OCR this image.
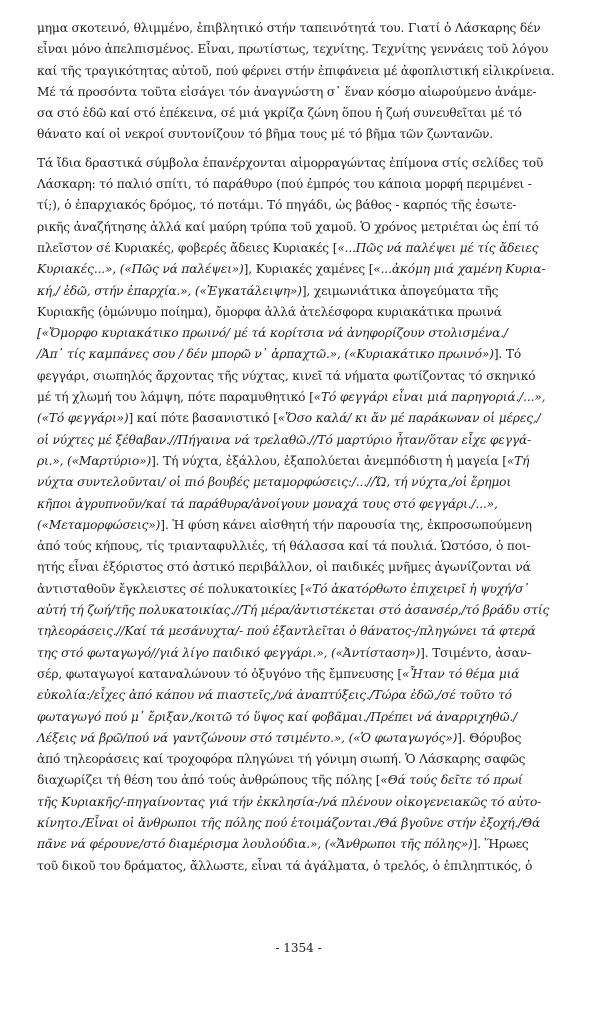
μημα σκοτεινό, θλιμμένο, ἐπιβλητικό στήν ταπεινότητά του. Γιατί ὁ Λάσκαρης δέν
εἶναι μόνο ἀπελπισμένος. Εἶναι, πρωτίστως, τεχνίτης. Τεχνίτης γεννάεις τοῦ λόγου
καί τῆς τραγικότητας αὐτοῦ, πού φέρνει στήν ἐπιφάνεια μέ ἀφοπλιστική εἰλικρίνεια.
Μέ τά προσόντα τοῦτα εἰσάγει τόν ἀναγνώστη σ᾽ ἕναν κόσμο αἰωρούμενο ἀνάμε-
σα στό ἐδῶ καί στό ἐπέκεινα, σέ μιά γκρίζα ζώνη ὅπου ἡ ζωή συνευθεῖται μέ τό
θάνατο καί οἱ νεκροί συντονίζουν τό βῆμα τους μέ τό βῆμα τῶν ζωντανῶν.
Τά ἴδια δραστικά σύμβολα ἐπανέρχονται αἱμορραγώντας ἐπίμονα στίς σελίδες τοῦ
Λάσκαρη: τό παλιό σπίτι, τό παράθυρο (πού ἐμπρός του κάποια μορφή περιμένει -
τί;), ὁ ἐπαρχιακός δρόμος, τό ποτάμι. Τό πηγάδι, ὡς βάθος - καρπός τῆς ἐσωτε-
ρικῆς ἀναζήτησης ἀλλά καί μαύρη τρύπα τοῦ χαμοῦ. Ὁ χρόνος μετριέται ὡς ἐπί τό
πλεῖστον σέ Κυριακές, φοβερές ἄδειες Κυριακές [«...Πῶς νά παλέψει μέ τίς ἄδειες
Κυριακές...», («Πῶς νά παλέψει»)], Κυριακές χαμένες [«...ἀκόμη μιά χαμένη Κυρια-
κή,/ ἐδῶ, στήν ἐπαρχία.», («Ἐγκατάλειψη»)], χειμωνιάτικα ἀπογεύματα τῆς
Κυριακῆς (ὁμώνυμο ποίημα), ὄμορφα ἀλλά ἀτελέσφορα κυριακάτικα πρωινά
[«Ὄμορφο κυριακάτικο πρωινό/ μέ τά κορίτσια νά ἀνηφορίζουν στολισμένα./
/Ἀπ᾽ τίς καμπάνες σου / δέν μπορῶ ν᾽ ἁρπαχτῶ.», («Κυριακάτικο πρωινό»)]. Τό
φεγγάρι, σιωπηλός ἄρχοντας τῆς νύχτας, κινεῖ τά νήματα φωτίζοντας τό σκηνικό
μέ τή χλωμή του λάμψη, πότε παραμυθητικό [«Τό φεγγάρι εἶναι μιά παρηγοριά./...»,
(«Τό φεγγάρι»)] καί πότε βασανιστικό [«Ὅσο καλά/ κι ἄν μέ παράκωναν οἱ μέρες,/
οἱ νύχτες μέ ξέθαβαν.//Πήγαινα νά τρελαθῶ.//Τό μαρτύριο ἦταν/ὅταν εἶχε φεγγά-
ρι.», («Μαρτύριο»)]. Τή νύχτα, ἐξάλλου, ἐξαπολύεται ἀνεμπόδιστη ἡ μαγεία [«Τή
νύχτα συντελοῦνται/ οἱ πιό βουβές μεταμορφώσεις:/...//Ὤ, τή νύχτα,/οἱ ἔρημοι
κῆποι ἀγρυπνοῦν/καί τά παράθυρα/ἀνοίγουν μοναχά τους στό φεγγάρι./...»,
(«Μεταμορφώσεις»)]. Ἡ φύση κάνει αἰσθητή τήν παρουσία της, ἐκπροσωπούμενη
ἀπό τούς κήπους, τίς τριανταφυλλιές, τή θάλασσα καί τά πουλιά. Ὡστόσο, ὁ ποι-
ητής εἶναι ἐξόριστος στό ἀστικό περιβάλλον, οἱ παιδικές μνῆμες ἀγωνίζονται νά
ἀντισταθοῦν ἔγκλειστες σέ πολυκατοικίες [«Τό ἀκατόρθωτο ἐπιχειρεῖ ἡ ψυχή/σ᾽
αὐτή τή ζωή/τῆς πολυκατοικίας.//Τή μέρα/ἀντιστέκεται στό ἀσανσέρ,/τό βράδυ στίς
τηλεοράσεις.//Καί τά μεσάνυχτα/- πού ἐξαντλεῖται ὁ θάνατος-/πληγώνει τά φτερά
της στό φωταγωγό//γιά λίγο παιδικό φεγγάρι.», («Ἀντίσταση»)]. Τσιμέντο, ἀσαν-
σέρ, φωταγωγοί καταναλώνουν τό ὀξυγόνο τῆς ἔμπνευσης [«Ἦταν τό θέμα μιά
εὐκολία:/εἶχες ἀπό κάπου νά πιαστεῖς,/νά ἀναπτύξεις./Τώρα ἐδῶ,/σέ τοῦτο τό
φωταγωγό πού μ᾽ ἔριξαν,/κοιτῶ τό ὕψος καί φοβᾶμαι./Πρέπει νά ἀναρριχηθῶ./
Λέξεις νά βρῶ/πού νά γαντζώνουν στό τσιμέντο.», («Ὁ φωταγωγός»)]. Θόρυβος
ἀπό τηλεοράσεις καί τροχοφόρα πληγώνει τή γόνιμη σιωπή. Ὁ Λάσκαρης σαφῶς
διαχωρίζει τή θέση του ἀπό τούς ἀνθρώπους τῆς πόλης [«Θά τούς δεῖτε τό πρωί
τῆς Κυριακῆς/-πηγαίνοντας γιά τήν ἐκκλησία-/νά πλένουν οἰκογενειακῶς τό αὐτο-
κίνητο./Εἶναι οἱ ἄνθρωποι τῆς πόλης πού ἑτοιμάζονται./Θά βγοῦνε στήν ἐξοχή./Θά
πᾶνε νά φέρουνε/στό διαμέρισμα λουλούδια.», («Ἄνθρωποι τῆς πόλης»)]. Ἥρωες
τοῦ δικοῦ του δράματος, ἄλλωστε, εἶναι τά ἀγάλματα, ὁ τρελός, ὁ ἐπιληπτικός, ὁ
- 1354 -
